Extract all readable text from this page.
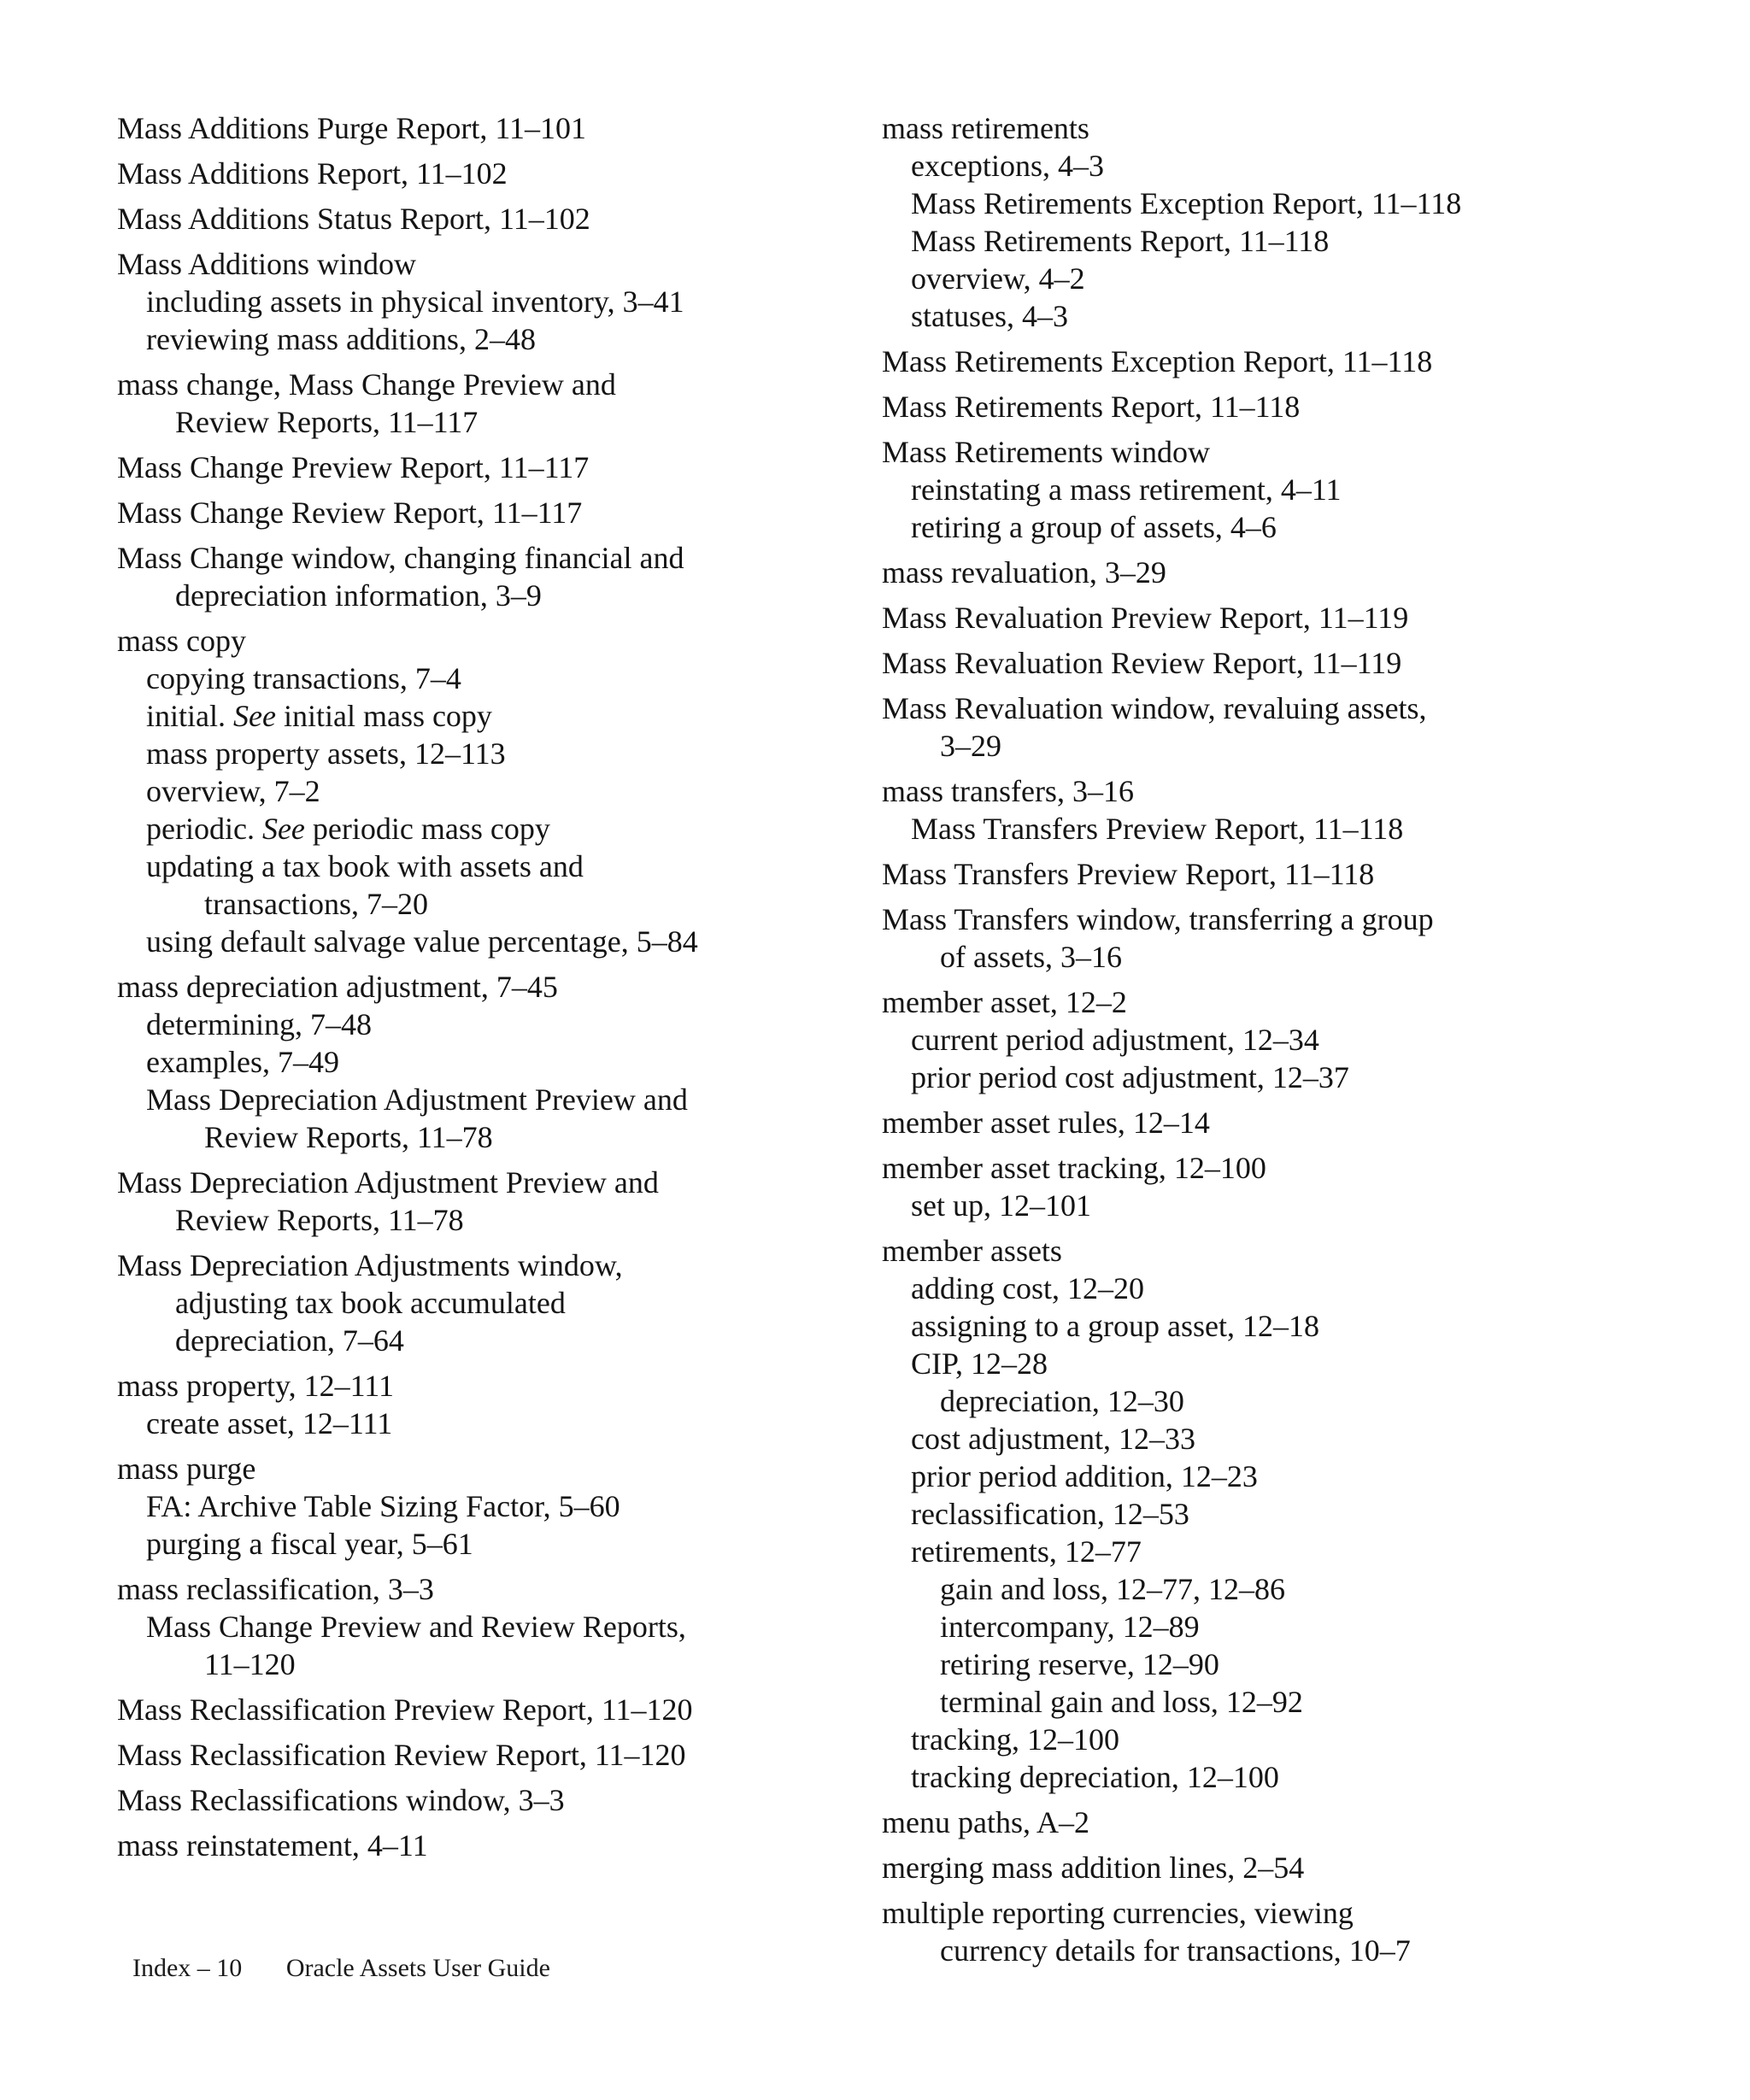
Mass Additions Purge Report, 11–101
Mass Additions Report, 11–102
Mass Additions Status Report, 11–102
Mass Additions window
including assets in physical inventory, 3–41
reviewing mass additions, 2–48
mass change, Mass Change Preview and
Review Reports, 11–117
Mass Change Preview Report, 11–117
Mass Change Review Report, 11–117
Mass Change window, changing financial and
depreciation information, 3–9
mass copy
copying transactions, 7–4
initial. See initial mass copy
mass property assets, 12–113
overview, 7–2
periodic. See periodic mass copy
updating a tax book with assets and
transactions, 7–20
using default salvage value percentage, 5–84
mass depreciation adjustment, 7–45
determining, 7–48
examples, 7–49
Mass Depreciation Adjustment Preview and
Review Reports, 11–78
Mass Depreciation Adjustment Preview and
Review Reports, 11–78
Mass Depreciation Adjustments window,
adjusting tax book accumulated
depreciation, 7–64
mass property, 12–111
create asset, 12–111
mass purge
FA: Archive Table Sizing Factor, 5–60
purging a fiscal year, 5–61
mass reclassification, 3–3
Mass Change Preview and Review Reports,
11–120
Mass Reclassification Preview Report, 11–120
Mass Reclassification Review Report, 11–120
Mass Reclassifications window, 3–3
mass reinstatement, 4–11
mass retirements
exceptions, 4–3
Mass Retirements Exception Report, 11–118
Mass Retirements Report, 11–118
overview, 4–2
statuses, 4–3
Mass Retirements Exception Report, 11–118
Mass Retirements Report, 11–118
Mass Retirements window
reinstating a mass retirement, 4–11
retiring a group of assets, 4–6
mass revaluation, 3–29
Mass Revaluation Preview Report, 11–119
Mass Revaluation Review Report, 11–119
Mass Revaluation window, revaluing assets,
3–29
mass transfers, 3–16
Mass Transfers Preview Report, 11–118
Mass Transfers Preview Report, 11–118
Mass Transfers window, transferring a group
of assets, 3–16
member asset, 12–2
current period adjustment, 12–34
prior period cost adjustment, 12–37
member asset rules, 12–14
member asset tracking, 12–100
set up, 12–101
member assets
adding cost, 12–20
assigning to a group asset, 12–18
CIP, 12–28
depreciation, 12–30
cost adjustment, 12–33
prior period addition, 12–23
reclassification, 12–53
retirements, 12–77
gain and loss, 12–77, 12–86
intercompany, 12–89
retiring reserve, 12–90
terminal gain and loss, 12–92
tracking, 12–100
tracking depreciation, 12–100
menu paths, A–2
merging mass addition lines, 2–54
multiple reporting currencies, viewing
currency details for transactions, 10–7
Index – 10 Oracle Assets User Guide
